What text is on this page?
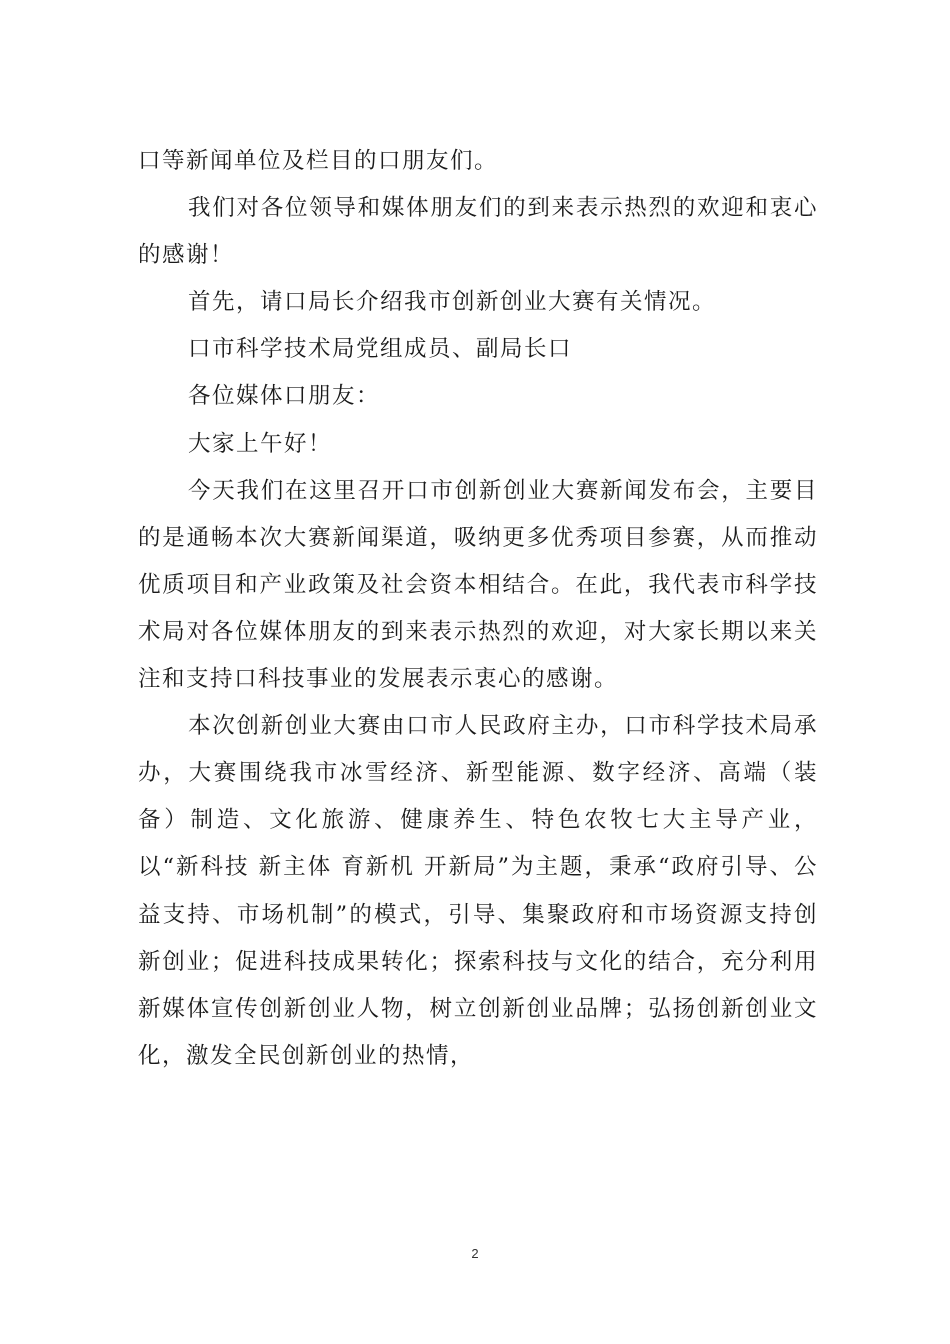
口等新闻单位及栏目的口朋友们。

我们对各位领导和媒体朋友们的到来表示热烈的欢迎和衷心的感谢！

首先，请口局长介绍我市创新创业大赛有关情况。

口市科学技术局党组成员、副局长口

各位媒体口朋友：

大家上午好！

今天我们在这里召开口市创新创业大赛新闻发布会，主要目的是通畅本次大赛新闻渠道，吸纳更多优秀项目参赛，从而推动优质项目和产业政策及社会资本相结合。在此，我代表市科学技术局对各位媒体朋友的到来表示热烈的欢迎，对大家长期以来关注和支持口科技事业的发展表示衷心的感谢。

本次创新创业大赛由口市人民政府主办，口市科学技术局承办，大赛围绕我市冰雪经济、新型能源、数字经济、高端（装备）制造、文化旅游、健康养生、特色农牧七大主导产业，以“新科技 新主体 育新机 开新局”为主题，秉承“政府引导、公益支持、市场机制”的模式，引导、集聚政府和市场资源支持创新创业；促进科技成果转化；探索科技与文化的结合，充分利用新媒体宣传创新创业人物，树立创新创业品牌；弘扬创新创业文化，激发全民创新创业的热情，

2
